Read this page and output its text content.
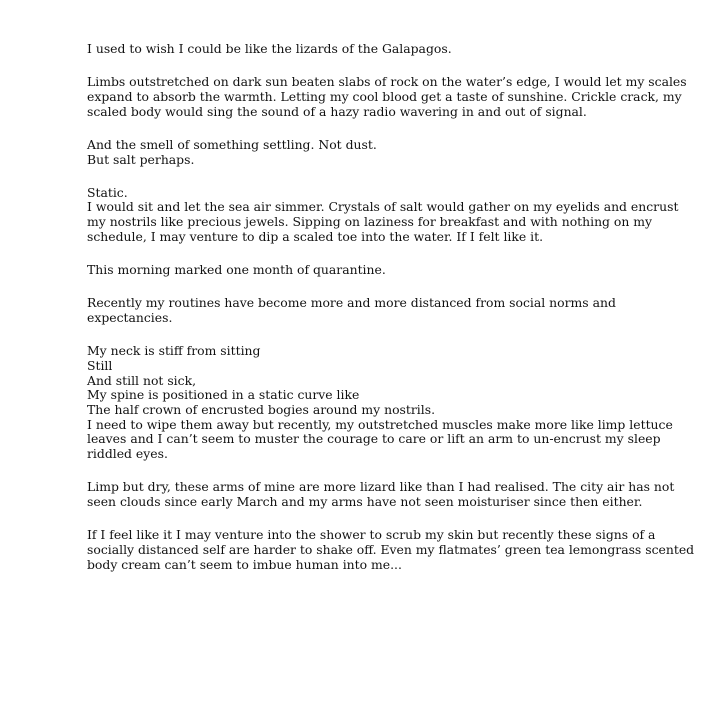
I used to wish I could be like the lizards of the Galapagos.

Limbs outstretched on dark sun beaten slabs of rock on the water’s edge, I would let my scales
expand to absorb the warmth. Letting my cool blood get a taste of sunshine. Crickle crack, my
scaled body would sing the sound of a hazy radio wavering in and out of signal.

And the smell of something settling. Not dust.
But salt perhaps.

Static.
I would sit and let the sea air simmer. Crystals of salt would gather on my eyelids and encrust
my nostrils like precious jewels. Sipping on laziness for breakfast and with nothing on my
schedule, I may venture to dip a scaled toe into the water. If I felt like it.

This morning marked one month of quarantine.

Recently my routines have become more and more distanced from social norms and
expectancies.

My neck is stiff from sitting
Still
And still not sick,
My spine is positioned in a static curve like
The half crown of encrusted bogies around my nostrils.
I need to wipe them away but recently, my outstretched muscles make more like limp lettuce
leaves and I can’t seem to muster the courage to care or lift an arm to un-encrust my sleep
riddled eyes.

Limp but dry, these arms of mine are more lizard like than I had realised. The city air has not
seen clouds since early March and my arms have not seen moisturiser since then either.

If I feel like it I may venture into the shower to scrub my skin but recently these signs of a
socially distanced self are harder to shake off. Even my flatmates’ green tea lemongrass scented
body cream can’t seem to imbue human into me...
